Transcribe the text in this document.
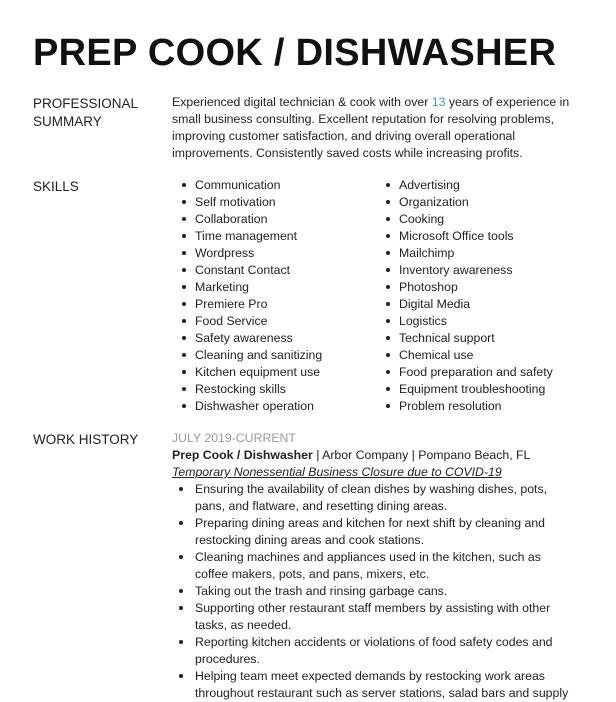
PREP COOK / DISHWASHER
PROFESSIONAL
SUMMARY
Experienced digital technician & cook with over 13 years of experience in small business consulting. Excellent reputation for resolving problems, improving customer satisfaction, and driving overall operational improvements. Consistently saved costs while increasing profits.
SKILLS	Communication
Self motivation
Collaboration
Time management
Wordpress
Constant Contact
Marketing
Premiere Pro
Food Service
Safety awareness
Cleaning and sanitizing
Kitchen equipment use
Restocking skills
Dishwasher operation
Advertising
Organization
Cooking
Microsoft Office tools
Mailchimp
Inventory awareness
Photoshop
Digital Media
Logistics
Technical support
Chemical use
Food preparation and safety
Equipment troubleshooting
Problem resolution
WORK HISTORY	JULY 2019-CURRENT
Prep Cook / Dishwasher | Arbor Company | Pompano Beach, FL
Temporary Nonessential Business Closure due to COVID-19
Ensuring the availability of clean dishes by washing dishes, pots, pans, and flatware, and resetting dining areas.
Preparing dining areas and kitchen for next shift by cleaning and restocking dining areas and cook stations.
Cleaning machines and appliances used in the kitchen, such as coffee makers, pots, and pans, mixers, etc.
Taking out the trash and rinsing garbage cans.
Supporting other restaurant staff members by assisting with other tasks, as needed.
Reporting kitchen accidents or violations of food safety codes and procedures.
Helping team meet expected demands by restocking work areas throughout restaurant such as server stations, salad bars and supply
